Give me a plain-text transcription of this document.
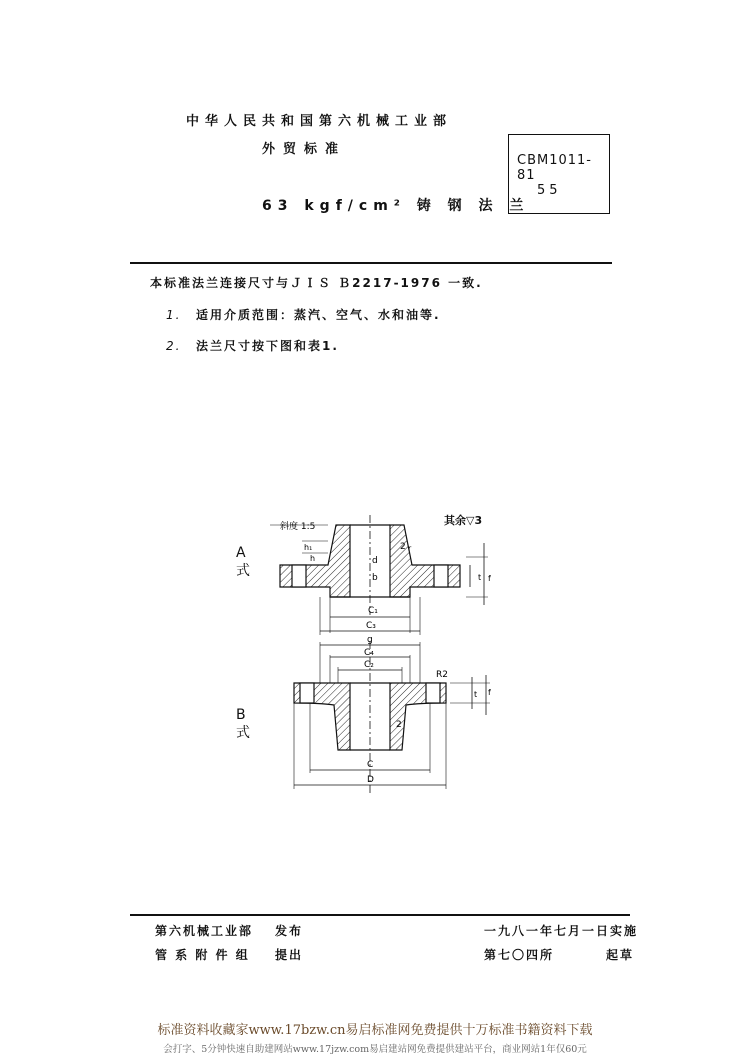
中华人民共和国第六机械工业部
外贸标准
63 kgf/cm² 铸 钢 法 兰
CBM1011-81
55
本标准法兰连接尺寸与ＪＩＳ Ｂ2217-1976 一致.
1. 适用介质范围：蒸汽、空气、水和油等.
2. 法兰尺寸按下图和表1.
其余▽3
斜度 1:5
h₁
h	d
b
C₁
C₃
t f
r
2
g
C₄
C₂
R2
C
D
f
t
2
A
式
B
式
第六机械工业部 发布
管 系 附 件 组 提出
一九八一年七月一日实施
第七〇四所	起草
标准资料收藏家www.17bzw.cn易启标准网免费提供十万标准书籍资料下载
会打字、5分钟快速自助建网站www.17jzw.com易启建站网免费提供建站平台，商业网站1年仅60元
